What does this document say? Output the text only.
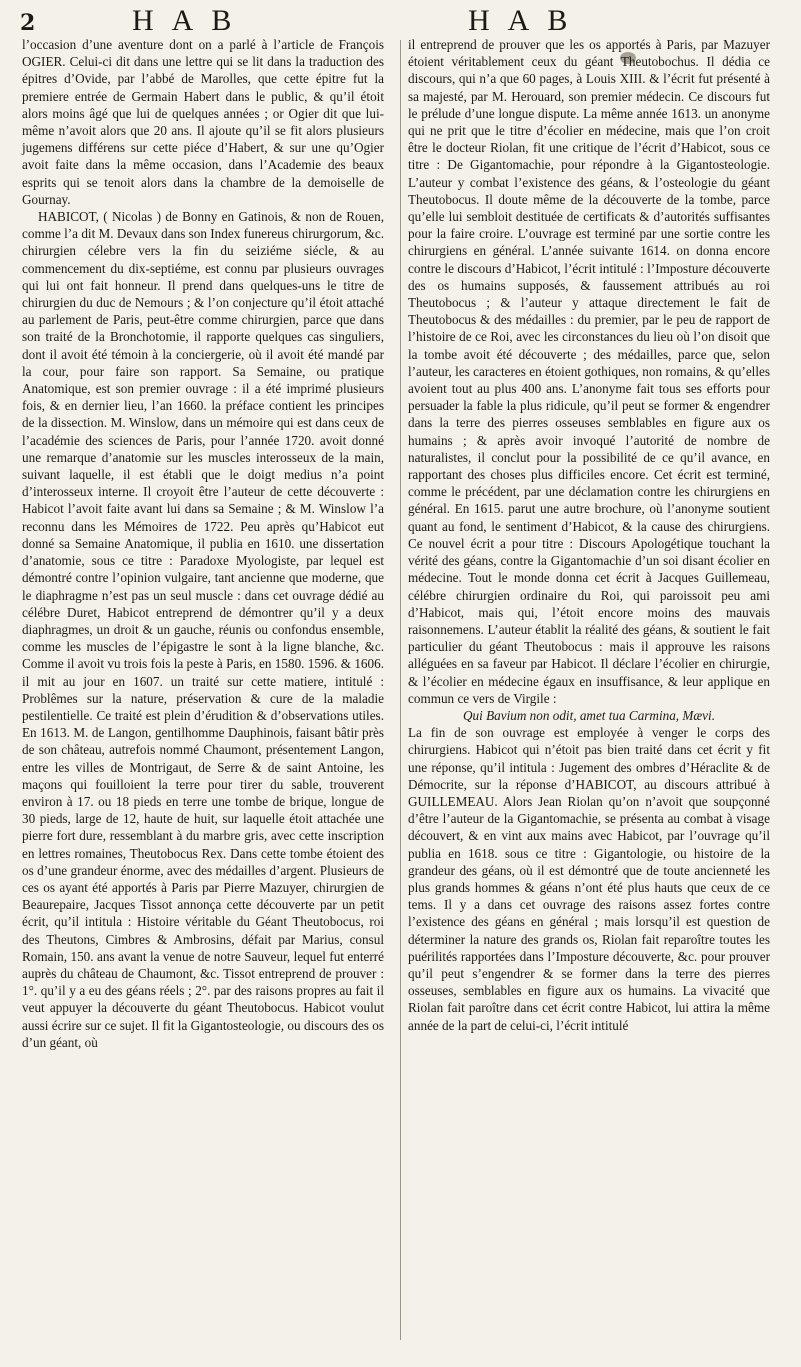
2	HAB	HAB

l’occasion d’une aventure dont on a parlé à l’article de François OGIER. Celui-ci dit dans une lettre qui se lit dans la traduction des épitres d’Ovide, par l’abbé de Marolles, que cette épitre fut la premiere entrée de Germain Habert dans le public, & qu’il étoit alors moins âgé que lui de quelques années ; or Ogier dit que lui-même n’avoit alors que 20 ans. Il ajoute qu’il se fit alors plusieurs jugemens différens sur cette piéce d’Habert, & sur une qu’Ogier avoit faite dans la même occasion, dans l’Academie des beaux esprits qui se tenoit alors dans la chambre de la demoiselle de Gournay.

HABICOT, ( Nicolas ) de Bonny en Gatinois, & non de Rouen, comme l’a dit M. Devaux dans son Index funereus chirurgorum, &c. chirurgien célebre vers la fin du seiziéme siécle, & au commencement du dix-septiéme, est connu par plusieurs ouvrages qui lui ont fait honneur. Il prend dans quelques-uns le titre de chirurgien du duc de Nemours ; & l’on conjecture qu’il étoit attaché au parlement de Paris, peut-être comme chirurgien, parce que dans son traité de la Bronchotomie, il rapporte quelques cas singuliers, dont il avoit été témoin à la conciergerie, où il avoit été mandé par la cour, pour faire son rapport. Sa Semaine, ou pratique Anatomique, est son premier ouvrage : il a été imprimé plusieurs fois, & en dernier lieu, l’an 1660. la préface contient les principes de la dissection. M. Winslow, dans un mémoire qui est dans ceux de l’académie des sciences de Paris, pour l’année 1720. avoit donné une remarque d’anatomie sur les muscles interosseux de la main, suivant laquelle, il est établi que le doigt medius n’a point d’interosseux interne. Il croyoit être l’auteur de cette découverte : Habicot l’avoit faite avant lui dans sa Semaine ; & M. Winslow l’a reconnu dans les Mémoires de 1722. Peu après qu’Habicot eut donné sa Semaine Anatomique, il publia en 1610. une dissertation d’anatomie, sous ce titre : Paradoxe Myologiste, par lequel est démontré contre l’opinion vulgaire, tant ancienne que moderne, que le diaphragme n’est pas un seul muscle : dans cet ouvrage dédié au célébre Duret, Habicot entreprend de démontrer qu’il y a deux diaphragmes, un droit & un gauche, réunis ou confondus ensemble, comme les muscles de l’épigastre le sont à la ligne blanche, &c. Comme il avoit vu trois fois la peste à Paris, en 1580. 1596. & 1606. il mit au jour en 1607. un traité sur cette matiere, intitulé : Problêmes sur la nature, préservation & cure de la maladie pestilentielle. Ce traité est plein d’érudition & d’observations utiles. En 1613. M. de Langon, gentilhomme Dauphinois, faisant bâtir près de son château, autrefois nommé Chaumont, présentement Langon, entre les villes de Montrigaut, de Serre & de saint Antoine, les maçons qui fouilloient la terre pour tirer du sable, trouverent environ à 17. ou 18 pieds en terre une tombe de brique, longue de 30 pieds, large de 12, haute de huit, sur laquelle étoit attachée une pierre fort dure, ressemblant à du marbre gris, avec cette inscription en lettres romaines, Theutobocus Rex. Dans cette tombe étoient des os d’une grandeur énorme, avec des médailles d’argent. Plusieurs de ces os ayant été apportés à Paris par Pierre Mazuyer, chirurgien de Beaurepaire, Jacques Tissot annonça cette découverte par un petit écrit, qu’il intitula : Histoire véritable du Géant Theutobocus, roi des Theutons, Cimbres & Ambrosins, défait par Marius, consul Romain, 150. ans avant la venue de notre Sauveur, lequel fut enterré auprès du château de Chaumont, &c. Tissot entreprend de prouver : 1°. qu’il y a eu des géans réels ; 2°. par des raisons propres au fait il veut appuyer la découverte du géant Theutobocus. Habicot voulut aussi écrire sur ce sujet. Il fit la Gigantosteologie, ou discours des os d’un géant, où

il entreprend de prouver que les os apportés à Paris, par Mazuyer étoient véritablement ceux du géant Theutobochus. Il dédia ce discours, qui n’a que 60 pages, à Louis XIII. & l’écrit fut présenté à sa majesté, par M. Herouard, son premier médecin. Ce discours fut le prélude d’une longue dispute. La même année 1613. un anonyme qui ne prit que le titre d’écolier en médecine, mais que l’on croit être le docteur Riolan, fit une critique de l’écrit d’Habicot, sous ce titre : De Gigantomachie, pour répondre à la Gigantosteologie. L’auteur y combat l’existence des géans, & l’osteologie du géant Theutobocus. Il doute même de la découverte de la tombe, parce qu’elle lui sembloit destituée de certificats & d’autorités suffisantes pour la faire croire. L’ouvrage est terminé par une sortie contre les chirurgiens en général. L’année suivante 1614. on donna encore contre le discours d’Habicot, l’écrit intitulé : l’Imposture découverte des os humains supposés, & faussement attribués au roi Theutobocus ; & l’auteur y attaque directement le fait de Theutobocus & des médailles : du premier, par le peu de rapport de l’histoire de ce Roi, avec les circonstances du lieu où l’on disoit que la tombe avoit été découverte ; des médailles, parce que, selon l’auteur, les caracteres en étoient gothiques, non romains, & qu’elles avoient tout au plus 400 ans. L’anonyme fait tous ses efforts pour persuader la fable la plus ridicule, qu’il peut se former & engendrer dans la terre des pierres osseuses semblables en figure aux os humains ; & après avoir invoqué l’autorité de nombre de naturalistes, il conclut pour la possibilité de ce qu’il avance, en rapportant des choses plus difficiles encore. Cet écrit est terminé, comme le précédent, par une déclamation contre les chirurgiens en général. En 1615. parut une autre brochure, où l’anonyme soutient quant au fond, le sentiment d’Habicot, & la cause des chirurgiens. Ce nouvel écrit a pour titre : Discours Apologétique touchant la vérité des géans, contre la Gigantomachie d’un soi disant écolier en médecine. Tout le monde donna cet écrit à Jacques Guillemeau, célébre chirurgien ordinaire du Roi, qui paroissoit peu ami d’Habicot, mais qui, l’étoit encore moins des mauvais raisonnemens. L’auteur établit la réalité des géans, & soutient le fait particulier du géant Theutobocus : mais il approuve les raisons alléguées en sa faveur par Habicot. Il déclare l’écolier en chirurgie, & l’écolier en médecine égaux en insuffisance, & leur applique en commun ce vers de Virgile :

Qui Bavium non odit, amet tua Carmina, Mævi.

La fin de son ouvrage est employée à venger le corps des chirurgiens. Habicot qui n’étoit pas bien traité dans cet écrit y fit une réponse, qu’il intitula : Jugement des ombres d’Héraclite & de Démocrite, sur la réponse d’HABICOT, au discours attribué à GUILLEMEAU. Alors Jean Riolan qu’on n’avoit que soupçonné d’être l’auteur de la Gigantomachie, se présenta au combat à visage découvert, & en vint aux mains avec Habicot, par l’ouvrage qu’il publia en 1618. sous ce titre : Gigantologie, ou histoire de la grandeur des géans, où il est démontré que de toute ancienneté les plus grands hommes & géans n’ont été plus hauts que ceux de ce tems. Il y a dans cet ouvrage des raisons assez fortes contre l’existence des géans en général ; mais lorsqu’il est question de déterminer la nature des grands os, Riolan fait reparoître toutes les puérilités rapportées dans l’Imposture découverte, &c. pour prouver qu’il peut s’engendrer & se former dans la terre des pierres osseuses, semblables en figure aux os humains. La vivacité que Riolan fait paroître dans cet écrit contre Habicot, lui attira la même année de la part de celui-ci, l’écrit intitulé
